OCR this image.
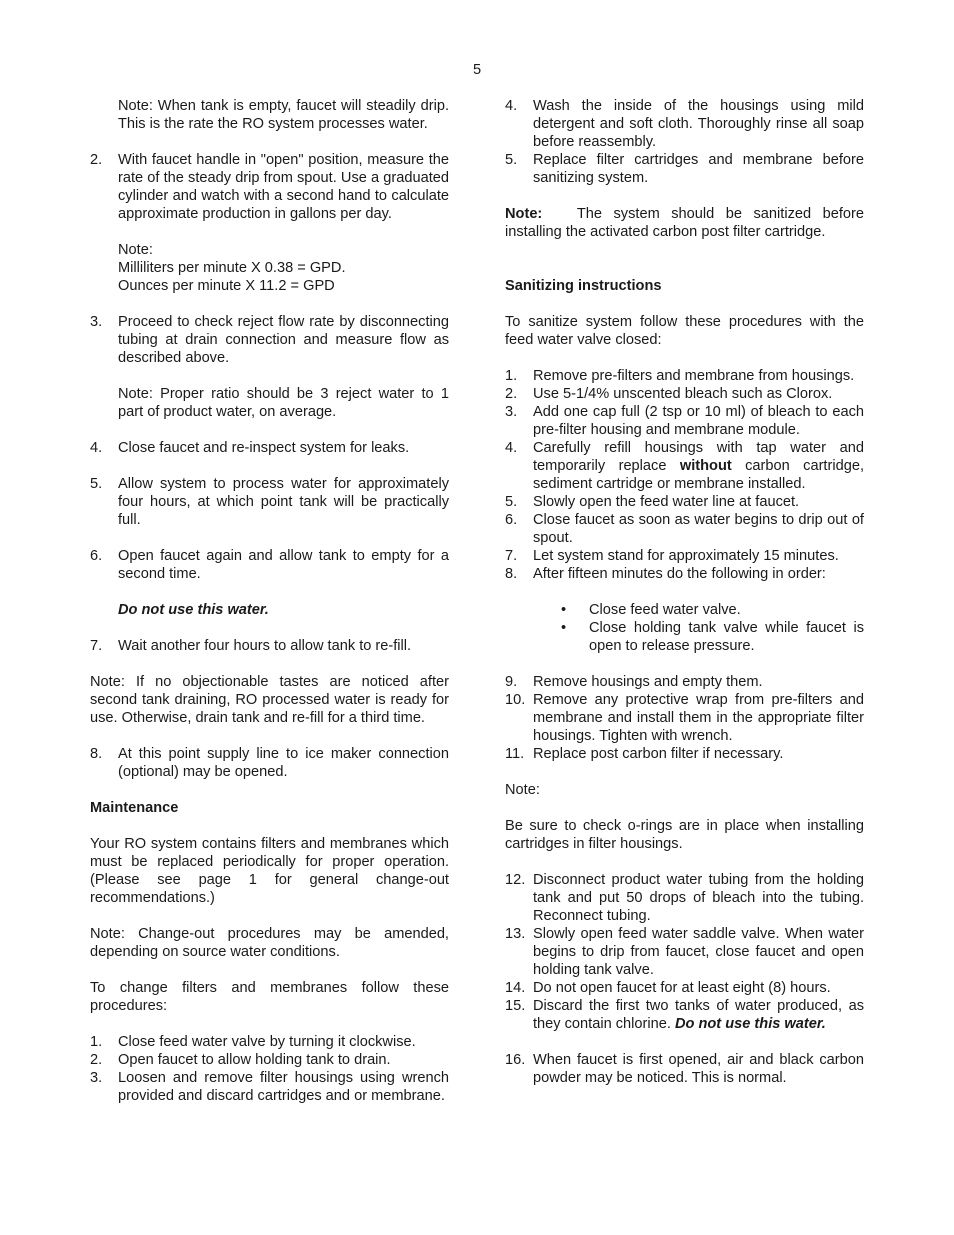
5

Note: When tank is empty, faucet will steadily drip. This is the rate the RO system processes water.

2.	With faucet handle in "open" position, measure the rate of the steady drip from spout. Use a graduated cylinder and watch with a second hand to calculate approximate production in gallons per day.

Note:

Milliliters per minute X 0.38 = GPD.

Ounces per minute X 11.2 = GPD

3.	Proceed to check reject flow rate by disconnecting tubing at drain connection and measure flow as described above.

Note: Proper ratio should be 3 reject water to 1 part of product water, on average.

4.	Close faucet and re-inspect system for leaks.
5.	Allow system to process water for approximately four hours, at which point tank will be practically full.
6.	Open faucet again and allow tank to empty for a second time.

Do not use this water.

7.	Wait another four hours to allow tank to re-fill.

Note: If no objectionable tastes are noticed after second tank draining, RO processed water is ready for use. Otherwise, drain tank and re-fill for a third time.

8.	At this point supply line to ice maker connection (optional) may be opened.

Maintenance

Your RO system contains filters and membranes which must be replaced periodically for proper operation. (Please see page 1 for general change-out recommendations.)

Note: Change-out procedures may be amended, depending on source water conditions.

To change filters and membranes follow these procedures:

1.	Close feed water valve by turning it clockwise.
2.	Open faucet to allow holding tank to drain.
3.	Loosen and remove filter housings using wrench provided and discard cartridges and or membrane.
4.	Wash the inside of the housings using mild detergent and soft cloth. Thoroughly rinse all soap before reassembly.
5.	Replace filter cartridges and membrane before sanitizing system.

Note: The system should be sanitized before installing the activated carbon post filter cartridge.

Sanitizing instructions

To sanitize system follow these procedures with the feed water valve closed:

1.	Remove pre-filters and membrane from housings.
2.	Use 5-1/4% unscented bleach such as Clorox.
3.	Add one cap full (2 tsp or 10 ml) of bleach to each pre-filter housing and membrane module.
4.	Carefully refill housings with tap water and temporarily replace without carbon cartridge, sediment cartridge or membrane installed.
5.	Slowly open the feed water line at faucet.
6.	Close faucet as soon as water begins to drip out of spout.
7.	Let system stand for approximately 15 minutes.
8.	After fifteen minutes do the following in order:
•	Close feed water valve.
•	Close holding tank valve while faucet is open to release pressure.
9.	Remove housings and empty them.
10. Remove any protective wrap from pre-filters and membrane and install them in the appropriate filter housings. Tighten with wrench.
11. Replace post carbon filter if necessary.

Note:

Be sure to check o-rings are in place when installing cartridges in filter housings.

12. Disconnect product water tubing from the holding tank and put 50 drops of bleach into the tubing. Reconnect tubing.
13. Slowly open feed water saddle valve. When water begins to drip from faucet, close faucet and open holding tank valve.
14. Do not open faucet for at least eight (8) hours.
15. Discard the first two tanks of water produced, as they contain chlorine. Do not use this water.
16. When faucet is first opened, air and black carbon powder may be noticed. This is normal.
